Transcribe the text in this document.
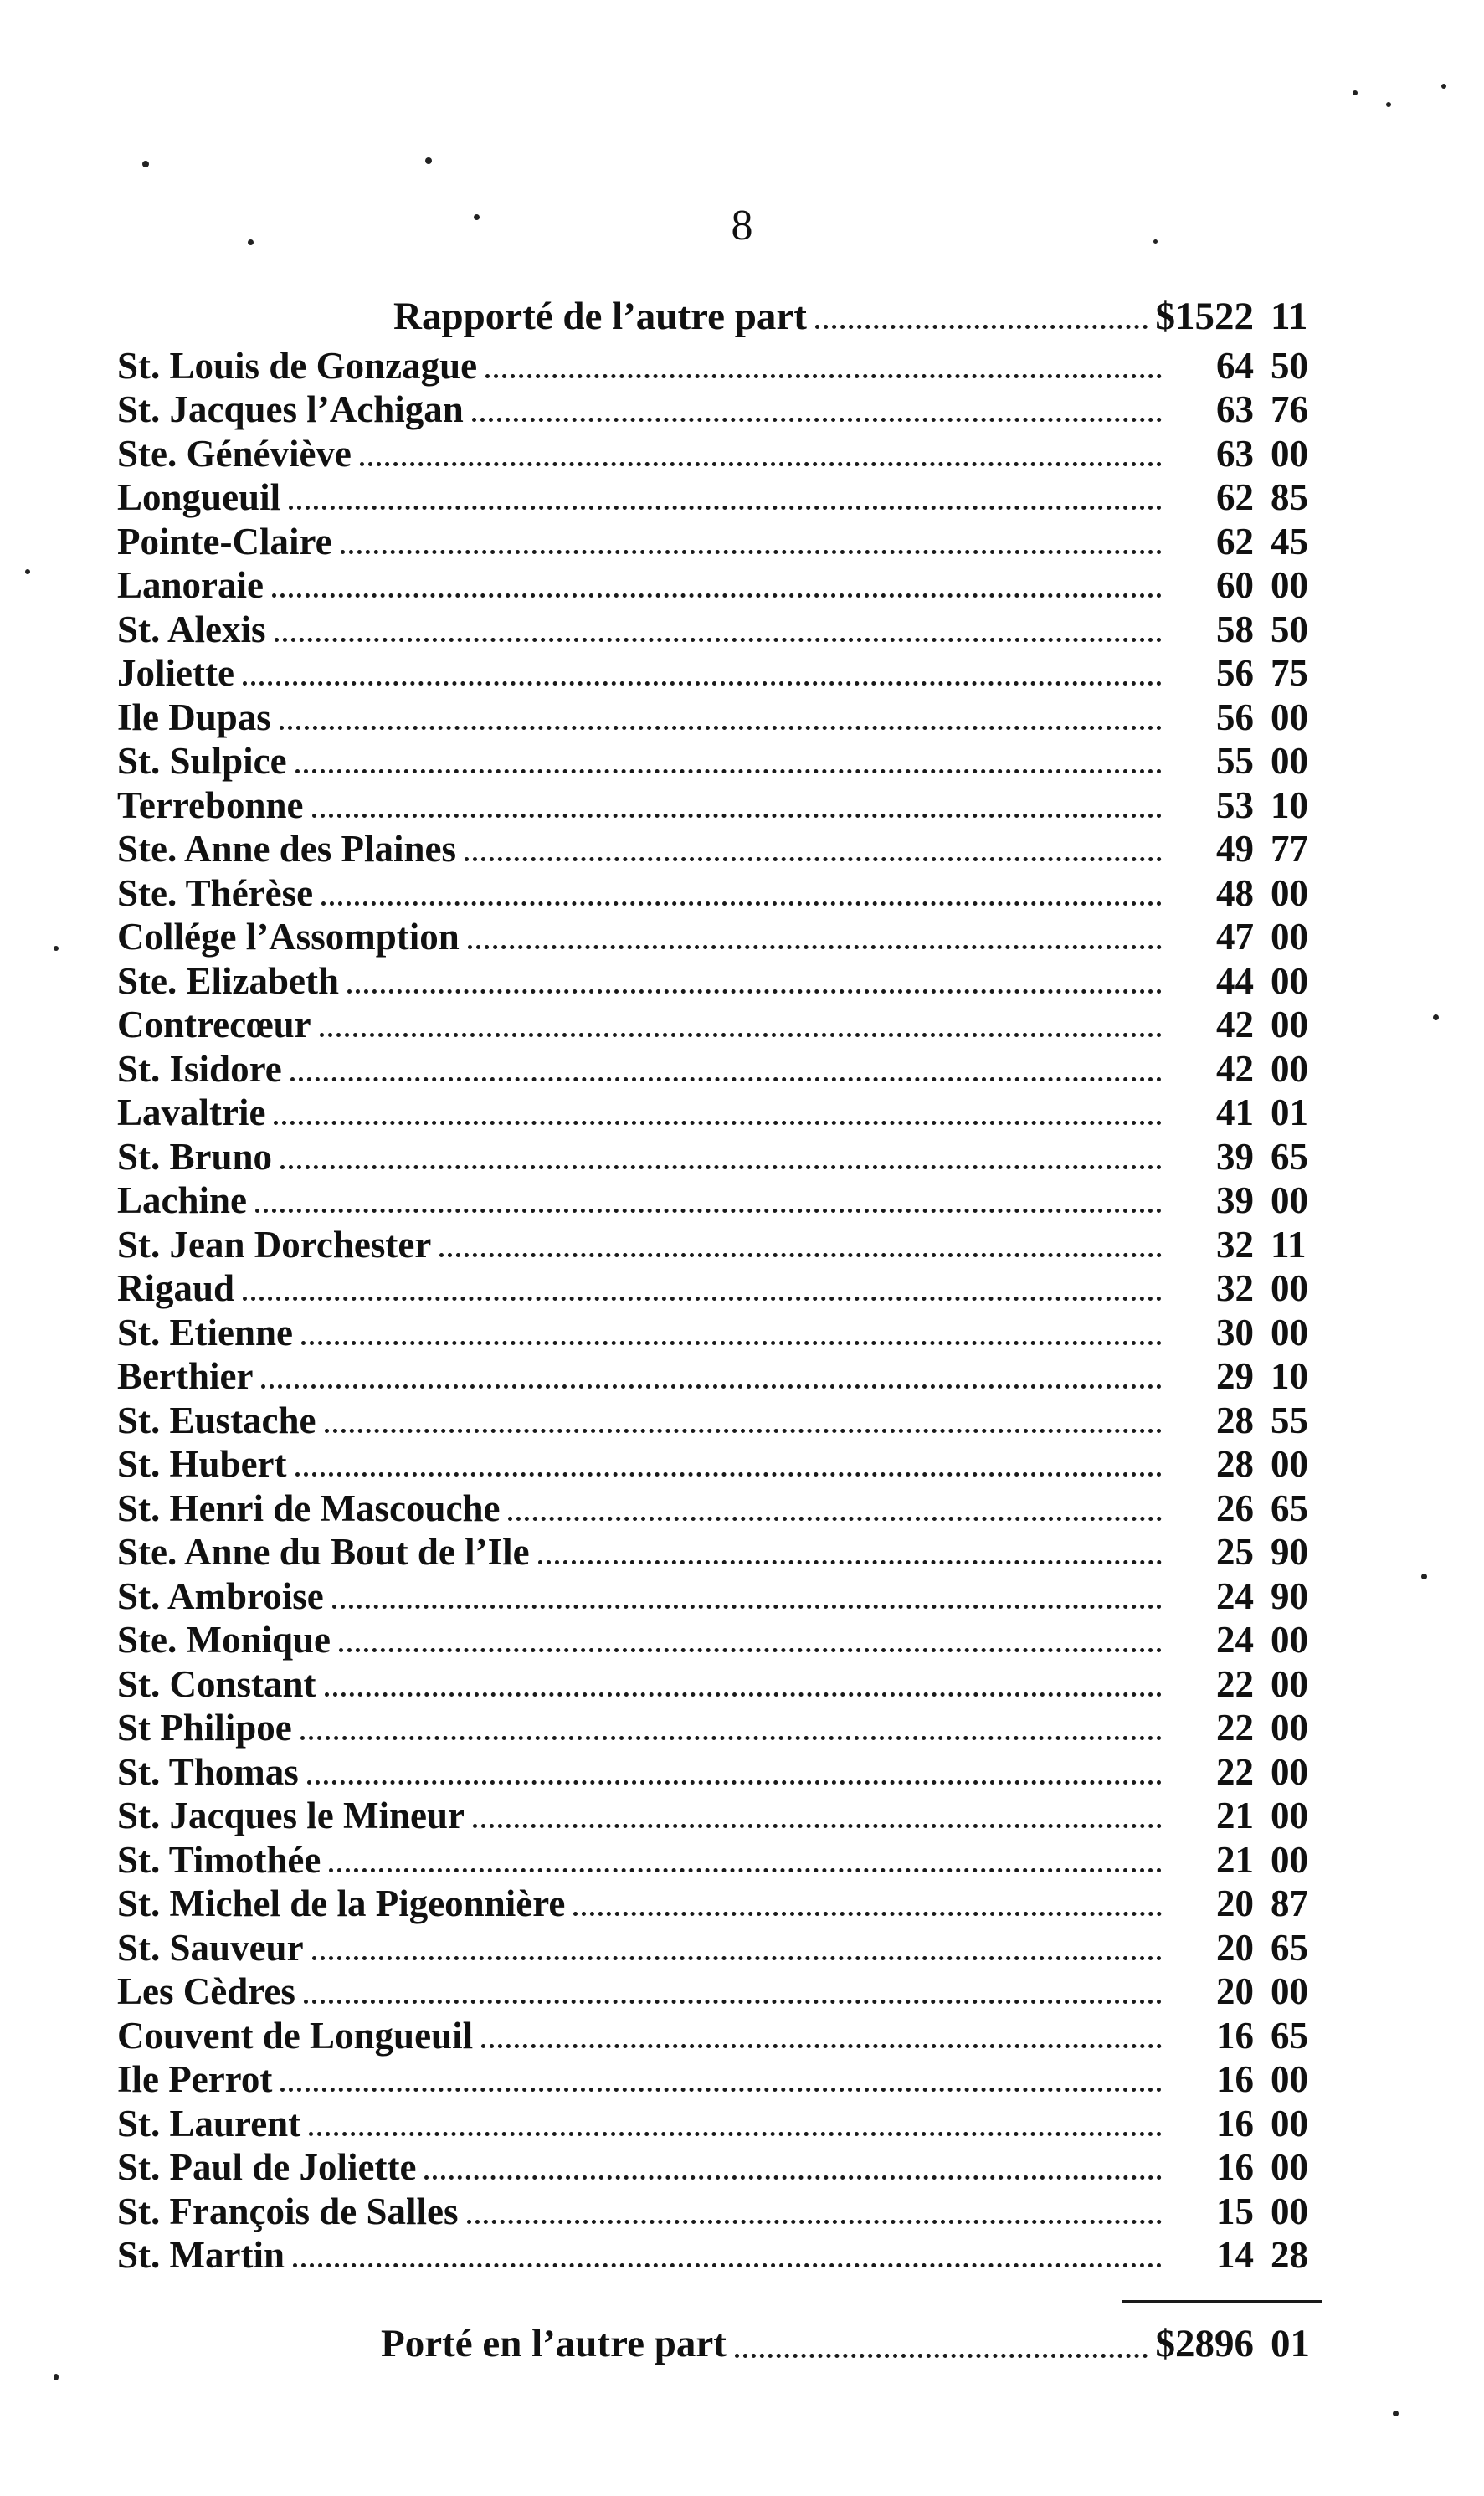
8
Rapporté de l’autre part	$1522 11
St. Louis de Gonzague	64 50
St. Jacques l’Achigan	63 76
Ste. Généviève	63 00
Longueuil	62 85
Pointe-Claire	62 45
Lanoraie	60 00
St. Alexis	58 50
Joliette	56 75
Ile Dupas	56 00
St. Sulpice	55 00
Terrebonne	53 10
Ste. Anne des Plaines	49 77
Ste. Thérèse	48 00
Collége l’Assomption	47 00
Ste. Elizabeth	44 00
Contrecœur	42 00
St. Isidore	42 00
Lavaltrie	41 01
St. Bruno	39 65
Lachine	39 00
St. Jean Dorchester	32 11
Rigaud	32 00
St. Etienne	30 00
Berthier	29 10
St. Eustache	28 55
St. Hubert	28 00
St. Henri de Mascouche	26 65
Ste. Anne du Bout de l’Ile	25 90
St. Ambroise	24 90
Ste. Monique	24 00
St. Constant	22 00
St Philipoe	22 00
St. Thomas	22 00
St. Jacques le Mineur	21 00
St. Timothée	21 00
St. Michel de la Pigeonnière	20 87
St. Sauveur	20 65
Les Cèdres	20 00
Couvent de Longueuil	16 65
Ile Perrot	16 00
St. Laurent	16 00
St. Paul de Joliette	16 00
St. François de Salles	15 00
St. Martin	14 28
Porté en l’autre part	$2896 01
